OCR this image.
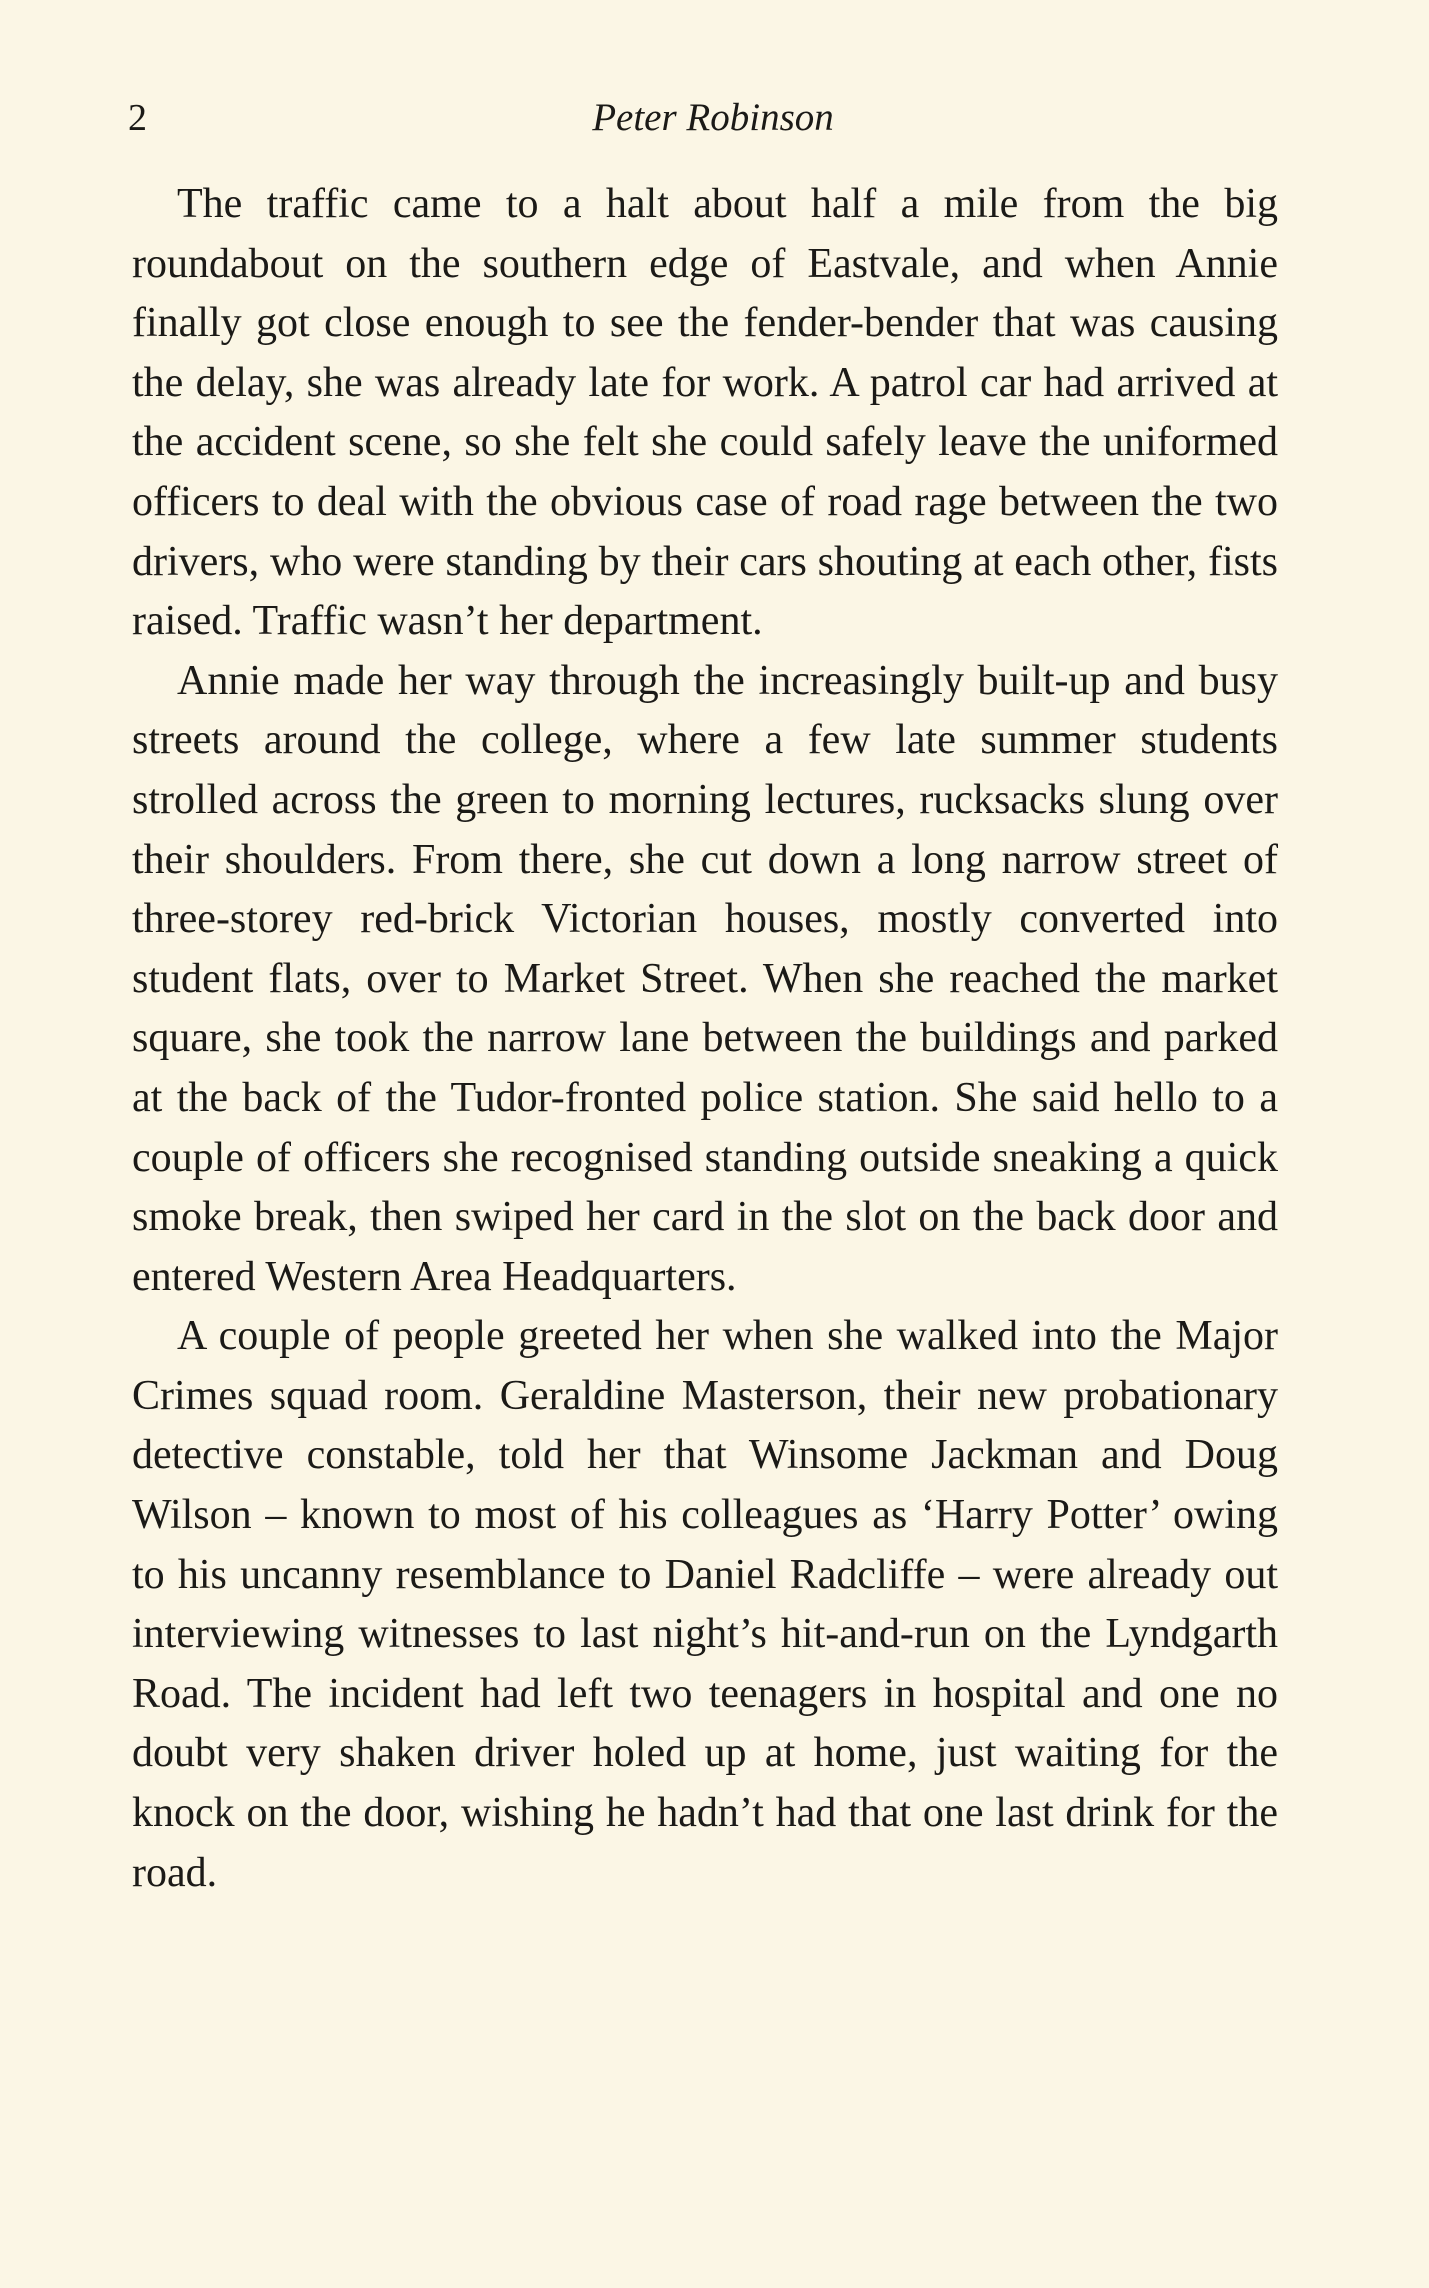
2	Peter Robinson

The traffic came to a halt about half a mile from the big roundabout on the southern edge of Eastvale, and when Annie finally got close enough to see the fender-bender that was causing the delay, she was already late for work. A patrol car had arrived at the accident scene, so she felt she could safely leave the uniformed officers to deal with the obvious case of road rage between the two drivers, who were standing by their cars shouting at each other, fists raised. Traffic wasn’t her department.

Annie made her way through the increasingly built-up and busy streets around the college, where a few late summer students strolled across the green to morning lectures, rucksacks slung over their shoulders. From there, she cut down a long narrow street of three-storey red-brick Victorian houses, mostly converted into student flats, over to Market Street. When she reached the market square, she took the narrow lane between the buildings and parked at the back of the Tudor-fronted police station. She said hello to a couple of officers she recognised standing outside sneaking a quick smoke break, then swiped her card in the slot on the back door and entered Western Area Headquarters.

A couple of people greeted her when she walked into the Major Crimes squad room. Geraldine Masterson, their new probationary detective constable, told her that Winsome Jackman and Doug Wilson – known to most of his colleagues as ‘Harry Potter’ owing to his uncanny resemblance to Daniel Radcliffe – were already out interviewing witnesses to last night’s hit-and-run on the Lyndgarth Road. The incident had left two teenagers in hospital and one no doubt very shaken driver holed up at home, just waiting for the knock on the door, wishing he hadn’t had that one last drink for the road.
